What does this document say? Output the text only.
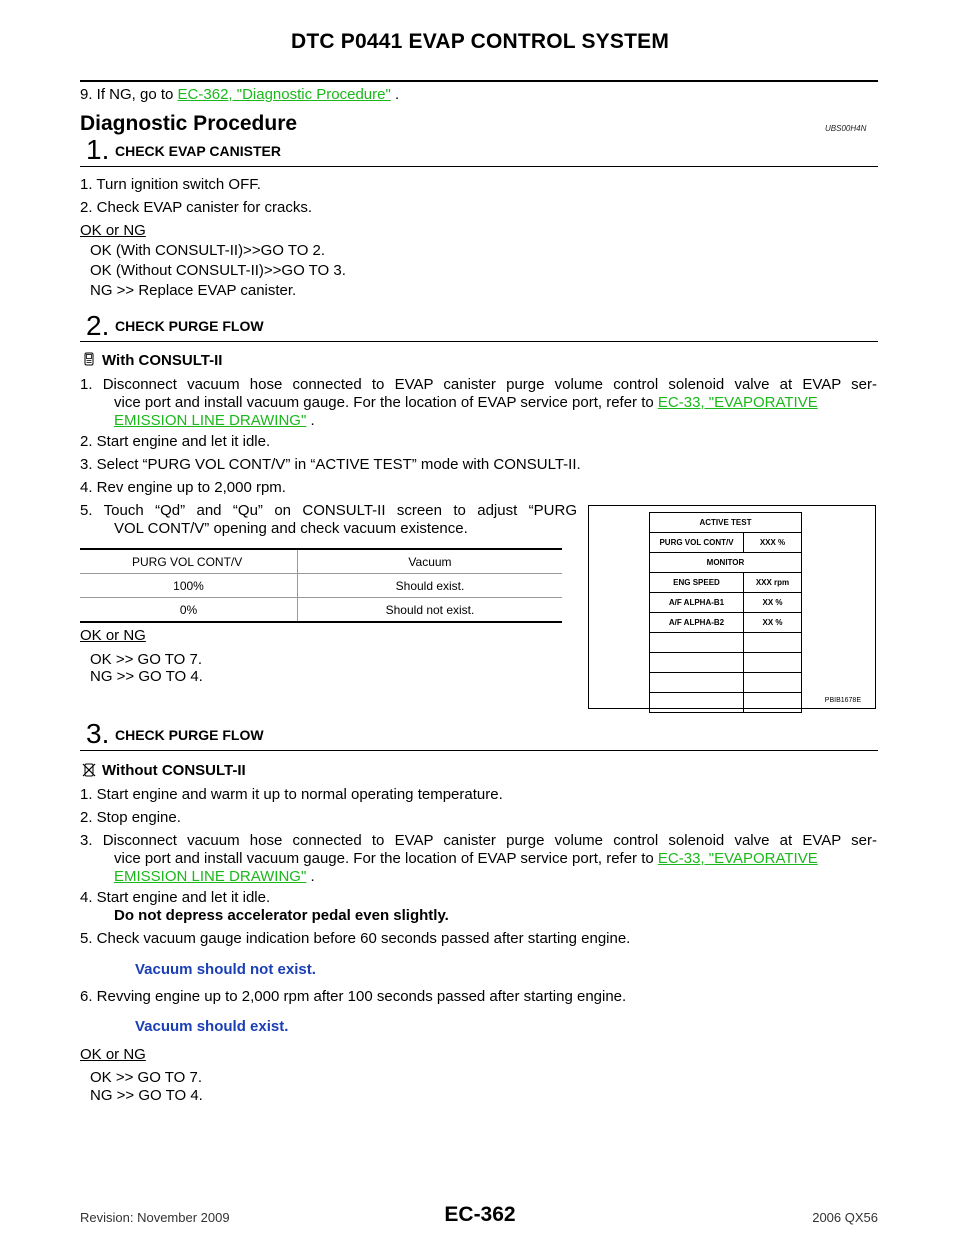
DTC P0441 EVAP CONTROL SYSTEM
9. If NG, go to EC-362, "Diagnostic Procedure" .
Diagnostic Procedure	UBS00H4N
1. CHECK EVAP CANISTER
1. Turn ignition switch OFF.
2. Check EVAP canister for cracks.
OK or NG
OK (With CONSULT-II)>>GO TO 2.
OK (Without CONSULT-II)>>GO TO 3.
NG >> Replace EVAP canister.
2. CHECK PURGE FLOW
With CONSULT-II
1. Disconnect vacuum hose connected to EVAP canister purge volume control solenoid valve at EVAP ser-
vice port and install vacuum gauge. For the location of EVAP service port, refer to EC-33, "EVAPORATIVE
EMISSION LINE DRAWING" .
2. Start engine and let it idle.
3. Select “PURG VOL CONT/V” in “ACTIVE TEST” mode with CONSULT-II.
4. Rev engine up to 2,000 rpm.
5. Touch “Qd” and “Qu” on CONSULT-II screen to adjust “PURG
VOL CONT/V” opening and check vacuum existence.
PURG VOL CONT/V	Vacuum
100%	Should exist.
0%	Should not exist.
OK or NG
OK >> GO TO 7.
NG >> GO TO 4.
ACTIVE TEST	
PURG VOL CONT/V	XXX %
MONITOR	
ENG SPEED	XXX rpm
A/F ALPHA-B1	XX %
A/F ALPHA-B2	XX %

PBIB1678E
3. CHECK PURGE FLOW
Without CONSULT-II
1. Start engine and warm it up to normal operating temperature.
2. Stop engine.
3. Disconnect vacuum hose connected to EVAP canister purge volume control solenoid valve at EVAP ser-
vice port and install vacuum gauge. For the location of EVAP service port, refer to EC-33, "EVAPORATIVE
EMISSION LINE DRAWING" .
4. Start engine and let it idle.
Do not depress accelerator pedal even slightly.
5. Check vacuum gauge indication before 60 seconds passed after starting engine.
Vacuum should not exist.
6. Revving engine up to 2,000 rpm after 100 seconds passed after starting engine.
Vacuum should exist.
OK or NG
OK >> GO TO 7.
NG >> GO TO 4.
Revision: November 2009	EC-362	2006 QX56
